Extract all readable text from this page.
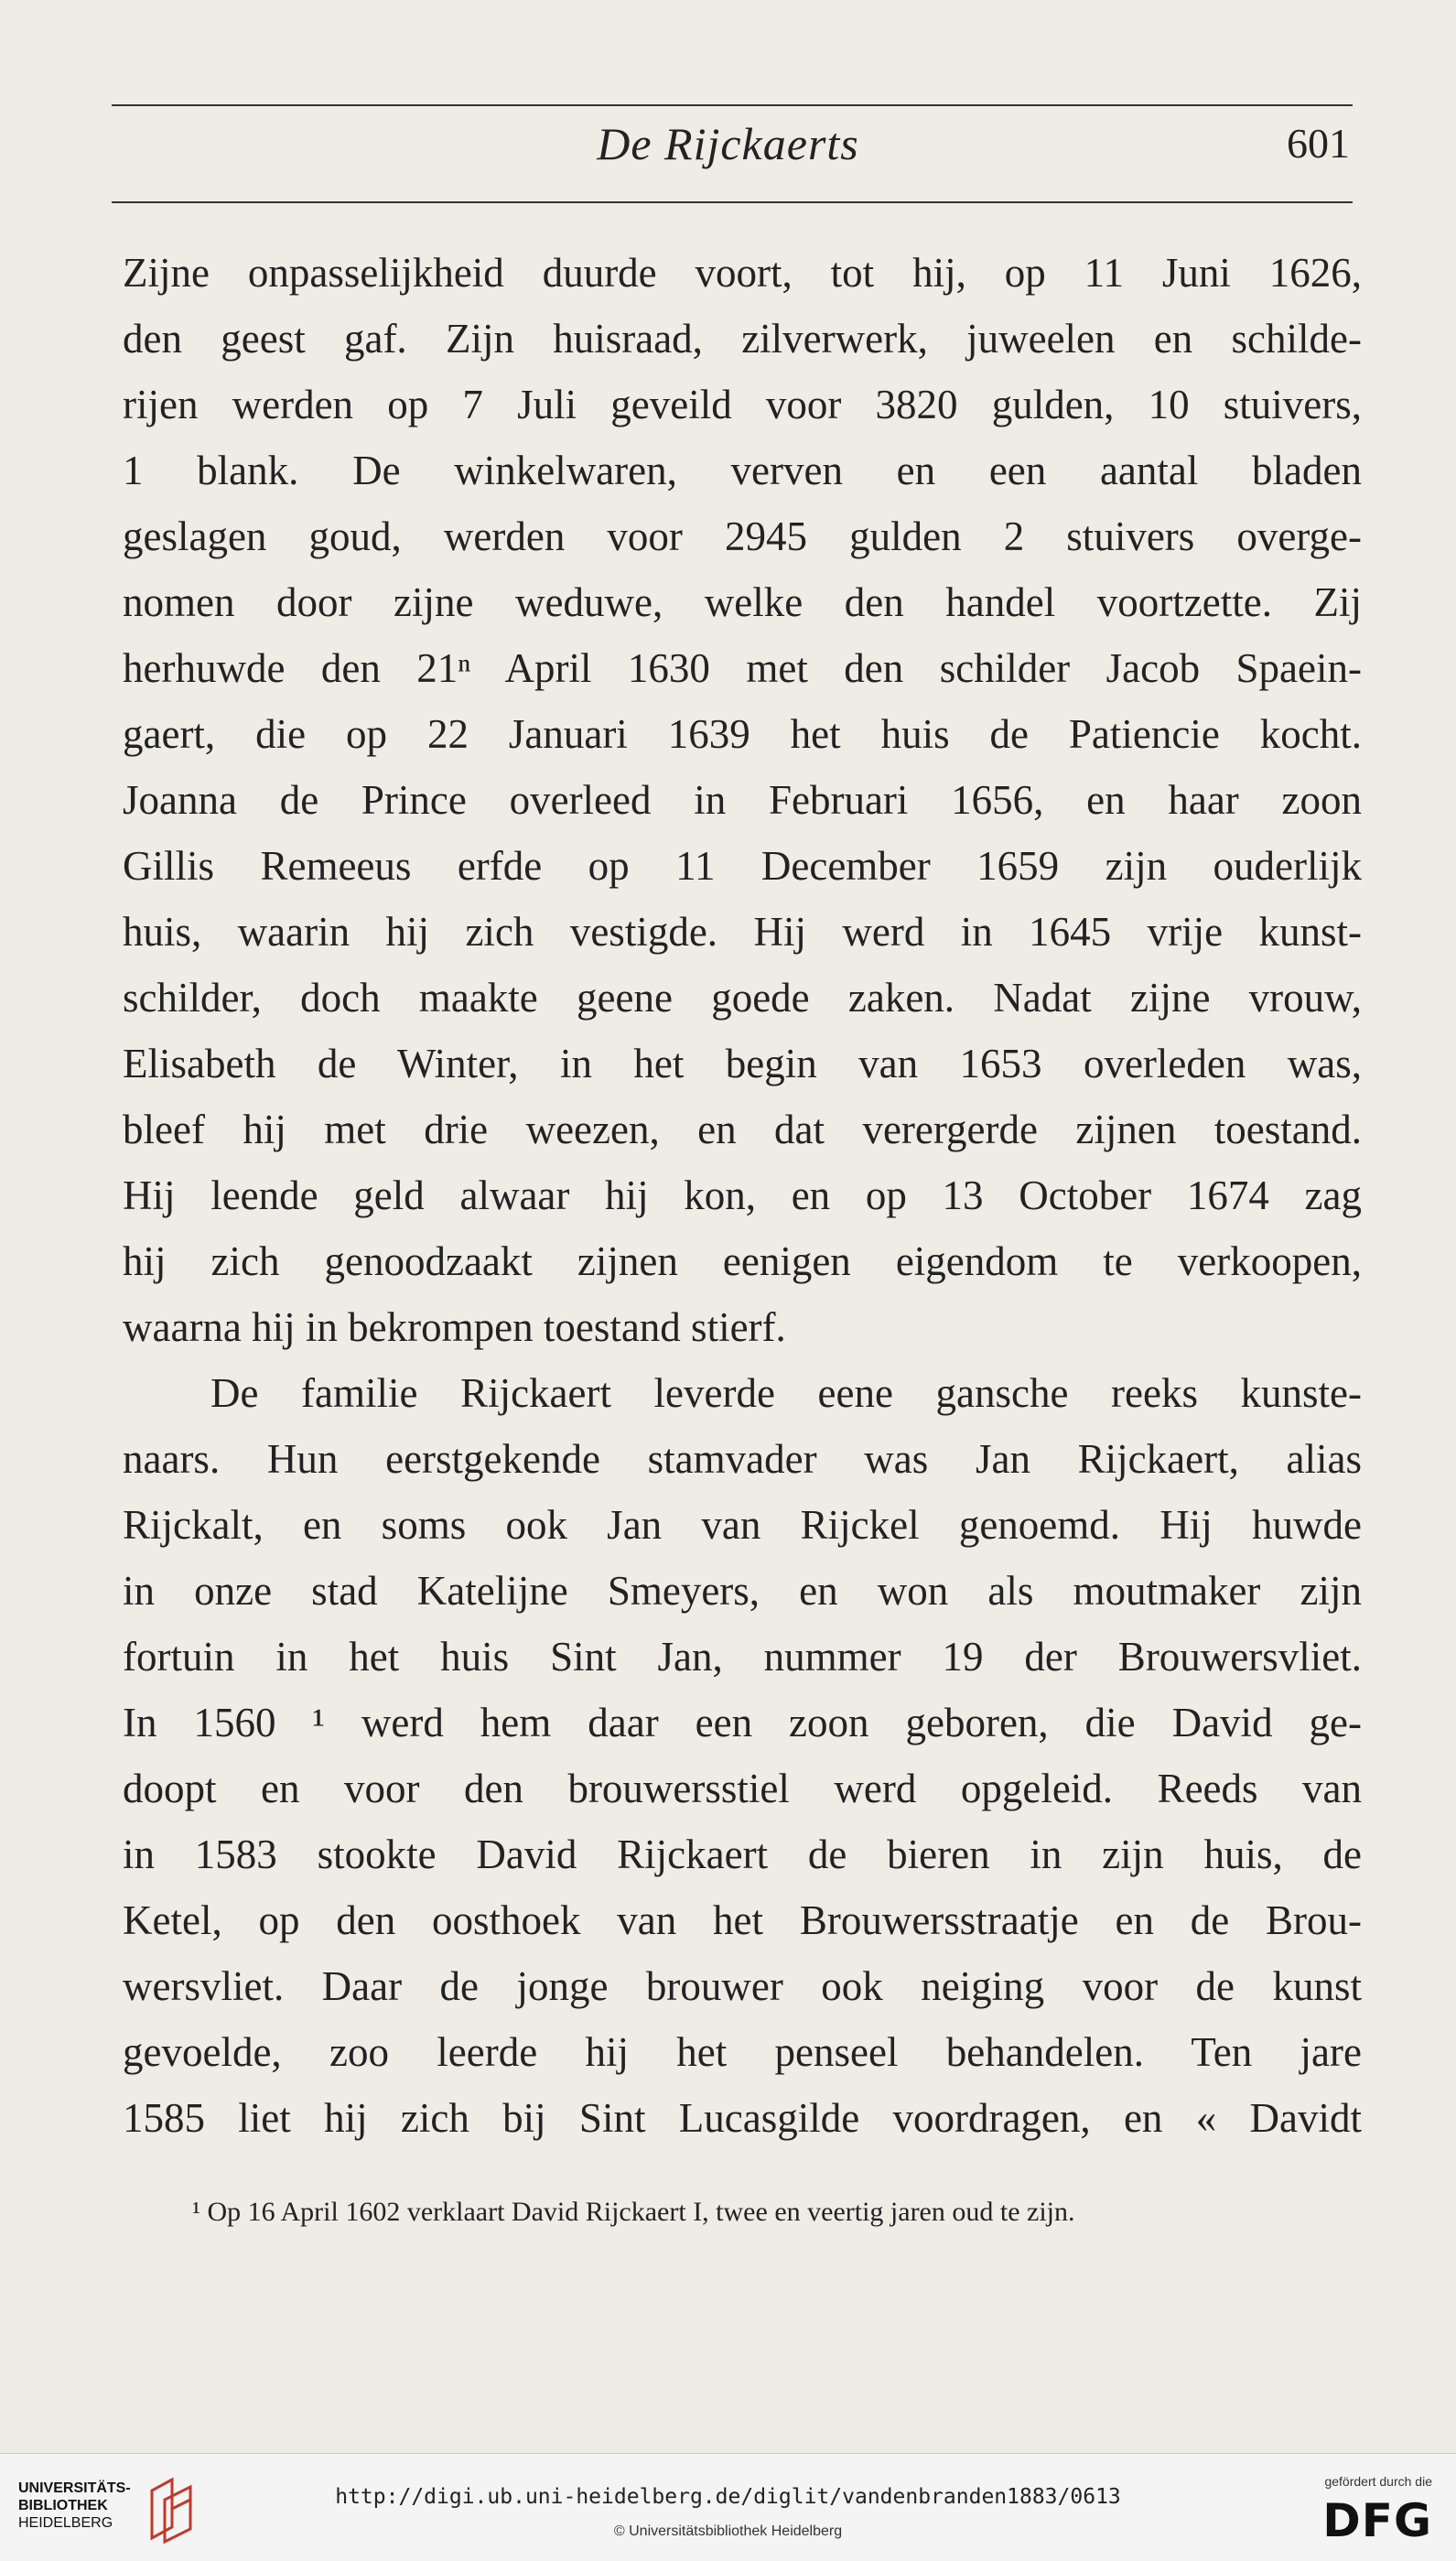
De Rijckaerts	601
Zijne onpasselijkheid duurde voort, tot hij, op 11 Juni 1626,
den geest gaf. Zijn huisraad, zilverwerk, juweelen en schilde-
rijen werden op 7 Juli geveild voor 3820 gulden, 10 stuivers,
1 blank. De winkelwaren, verven en een aantal bladen
geslagen goud, werden voor 2945 gulden 2 stuivers overge-
nomen door zijne weduwe, welke den handel voortzette. Zij
herhuwde den 21ⁿ April 1630 met den schilder Jacob Spaein-
gaert, die op 22 Januari 1639 het huis de Patiencie kocht.
Joanna de Prince overleed in Februari 1656, en haar zoon
Gillis Remeeus erfde op 11 December 1659 zijn ouderlijk
huis, waarin hij zich vestigde. Hij werd in 1645 vrije kunst-
schilder, doch maakte geene goede zaken. Nadat zijne vrouw,
Elisabeth de Winter, in het begin van 1653 overleden was,
bleef hij met drie weezen, en dat verergerde zijnen toestand.
Hij leende geld alwaar hij kon, en op 13 October 1674 zag
hij zich genoodzaakt zijnen eenigen eigendom te verkoopen,
waarna hij in bekrompen toestand stierf.
De familie Rijckaert leverde eene gansche reeks kunste-
naars. Hun eerstgekende stamvader was Jan Rijckaert, alias
Rijckalt, en soms ook Jan van Rijckel genoemd. Hij huwde
in onze stad Katelijne Smeyers, en won als moutmaker zijn
fortuin in het huis Sint Jan, nummer 19 der Brouwersvliet.
In 1560 ¹ werd hem daar een zoon geboren, die David ge-
doopt en voor den brouwersstiel werd opgeleid. Reeds van
in 1583 stookte David Rijckaert de bieren in zijn huis, de
Ketel, op den oosthoek van het Brouwersstraatje en de Brou-
wersvliet. Daar de jonge brouwer ook neiging voor de kunst
gevoelde, zoo leerde hij het penseel behandelen. Ten jare
1585 liet hij zich bij Sint Lucasgilde voordragen, en « Davidt
¹ Op 16 April 1602 verklaart David Rijckaert I, twee en veertig jaren oud te zijn.
UNIVERSITÄTS-
BIBLIOTHEK
HEIDELBERG
http://digi.ub.uni-heidelberg.de/diglit/vandenbranden1883/0613
© Universitätsbibliothek Heidelberg
gefördert durch die
DFG
